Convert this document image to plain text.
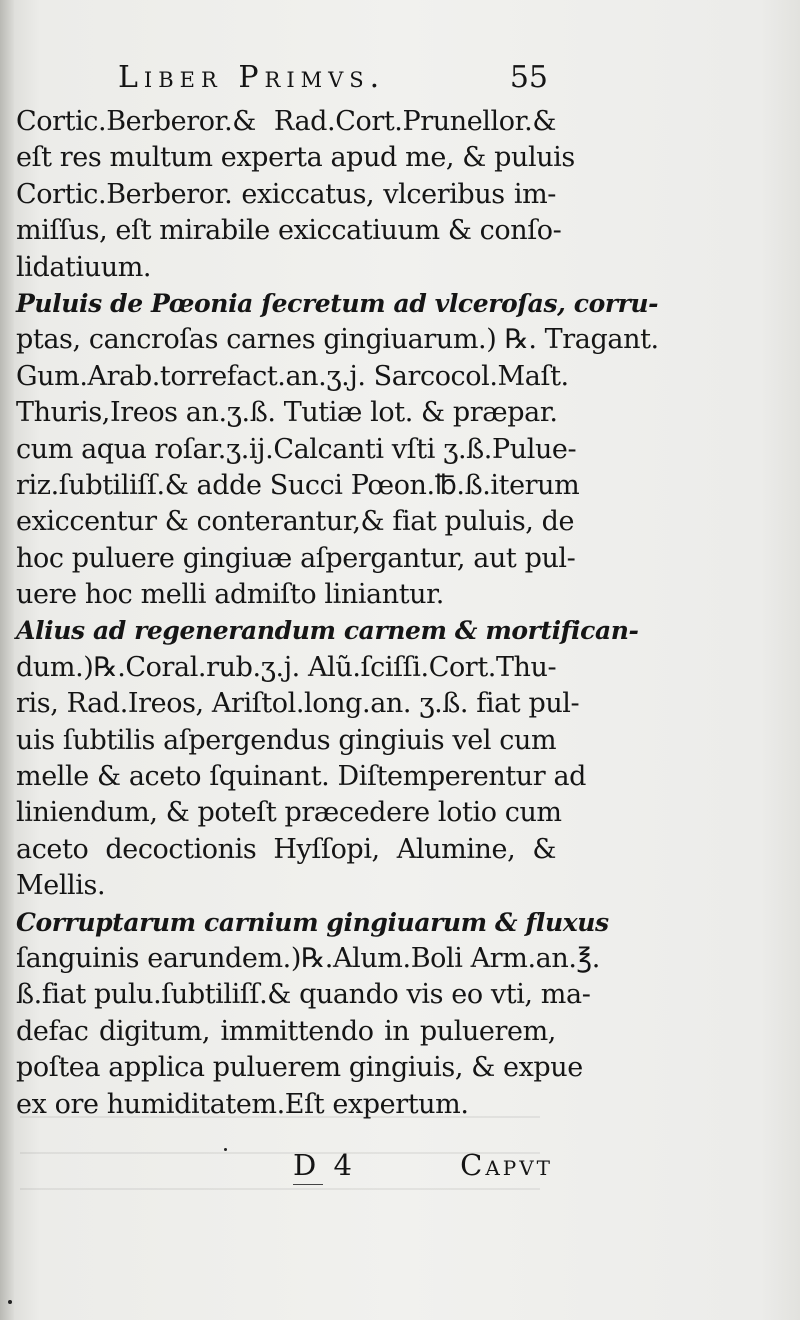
Liber Primvs.	55
Cortic.Berberor.& Rad.Cort.Prunellor.&
eſt res multum experta apud me, & puluis
Cortic.Berberor. exiccatus, vlceribus im-
miſſus, eſt mirabile exiccatiuum & conſo-
lidatiuum.
Puluis de Pœonia ſecretum ad vlceroſas, corru-
ptas, cancroſas carnes gingiuarum.) ℞. Tragant.
Gum.Arab.torrefact.an.ʒ.j. Sarcocol.Maſt.
Thuris,Ireos an.ʒ.ß. Tutiæ lot. & præpar.
cum aqua roſar.ʒ.ij.Calcanti vſti ʒ.ß.Pulue-
riz.ſubtiliſſ.& adde Succi Pœon.℔.ß.iterum
exiccentur & conterantur,& fiat puluis, de
hoc puluere gingiuæ aſpergantur, aut pul-
uere hoc melli admiſto liniantur.
Alius ad regenerandum carnem & mortifican-
dum.)℞.Coral.rub.ʒ.j. Alũ.ſciſſi.Cort.Thu-
ris, Rad.Ireos, Ariſtol.long.an. ʒ.ß. fiat pul-
uis ſubtilis aſpergendus gingiuis vel cum
melle & aceto ſquinant. Diſtemperentur ad
liniendum, & poteſt præcedere lotio cum
aceto decoctionis Hyſſopi, Alumine, &
Mellis.
Corruptarum carnium gingiuarum & fluxus
ſanguinis earundem.)℞.Alum.Boli Arm.an.℥.
ß.fiat pulu.ſubtiliſſ.& quando vis eo vti, ma-
defac digitum, immittendo in puluerem,
poſtea applica puluerem gingiuis, & expue
ex ore humiditatem.Eſt expertum.
D 4	Capvt
